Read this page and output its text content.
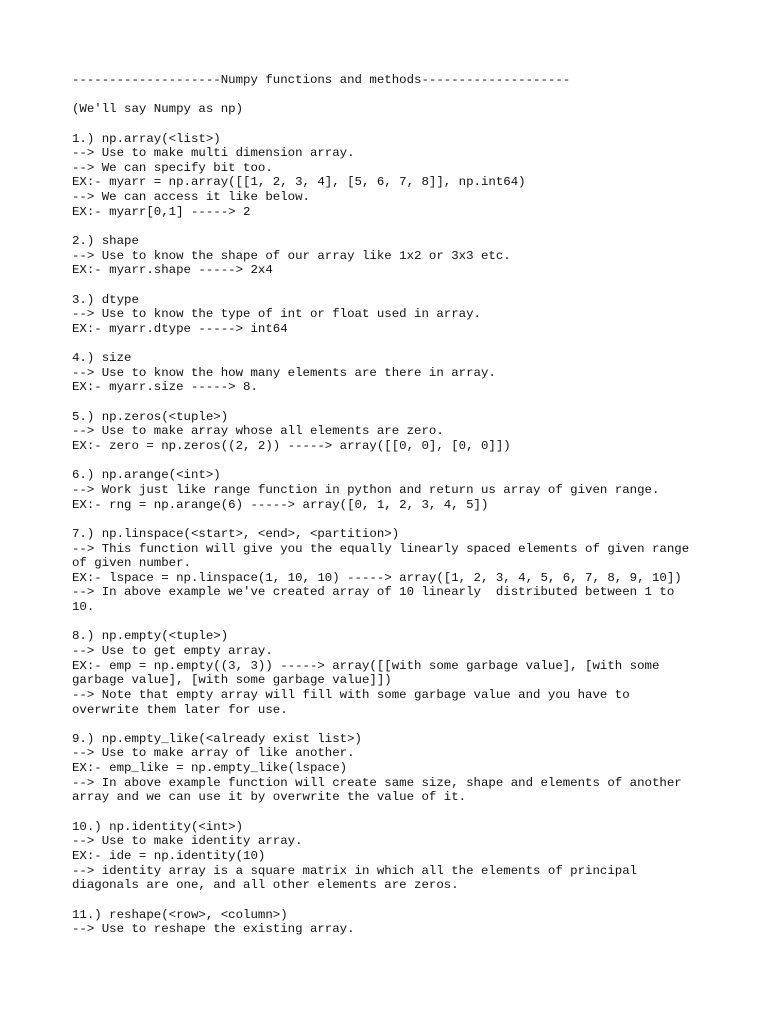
--------------------Numpy functions and methods--------------------
(We'll say Numpy as np)
1.) np.array(<list>)
--> Use to make multi dimension array.
--> We can specify bit too.
EX:- myarr = np.array([[1, 2, 3, 4], [5, 6, 7, 8]], np.int64)
--> We can access it like below.
EX:- myarr[0,1] -----> 2
2.) shape
--> Use to know the shape of our array like 1x2 or 3x3 etc.
EX:- myarr.shape -----> 2x4
3.) dtype
--> Use to know the type of int or float used in array.
EX:- myarr.dtype -----> int64
4.) size
--> Use to know the how many elements are there in array.
EX:- myarr.size -----> 8.
5.) np.zeros(<tuple>)
--> Use to make array whose all elements are zero.
EX:- zero = np.zeros((2, 2)) -----> array([[0, 0], [0, 0]])
6.) np.arange(<int>)
--> Work just like range function in python and return us array of given range.
EX:- rng = np.arange(6) -----> array([0, 1, 2, 3, 4, 5])
7.) np.linspace(<start>, <end>, <partition>)
--> This function will give you the equally linearly spaced elements of given range
of given number.
EX:- lspace = np.linspace(1, 10, 10) -----> array([1, 2, 3, 4, 5, 6, 7, 8, 9, 10])
--> In above example we've created array of 10 linearly  distributed between 1 to
10.
8.) np.empty(<tuple>)
--> Use to get empty array.
EX:- emp = np.empty((3, 3)) -----> array([[with some garbage value], [with some
garbage value], [with some garbage value]])
--> Note that empty array will fill with some garbage value and you have to
overwrite them later for use.
9.) np.empty_like(<already exist list>)
--> Use to make array of like another.
EX:- emp_like = np.empty_like(lspace)
--> In above example function will create same size, shape and elements of another
array and we can use it by overwrite the value of it.
10.) np.identity(<int>)
--> Use to make identity array.
EX:- ide = np.identity(10)
--> identity array is a square matrix in which all the elements of principal
diagonals are one, and all other elements are zeros.
11.) reshape(<row>, <column>)
--> Use to reshape the existing array.
